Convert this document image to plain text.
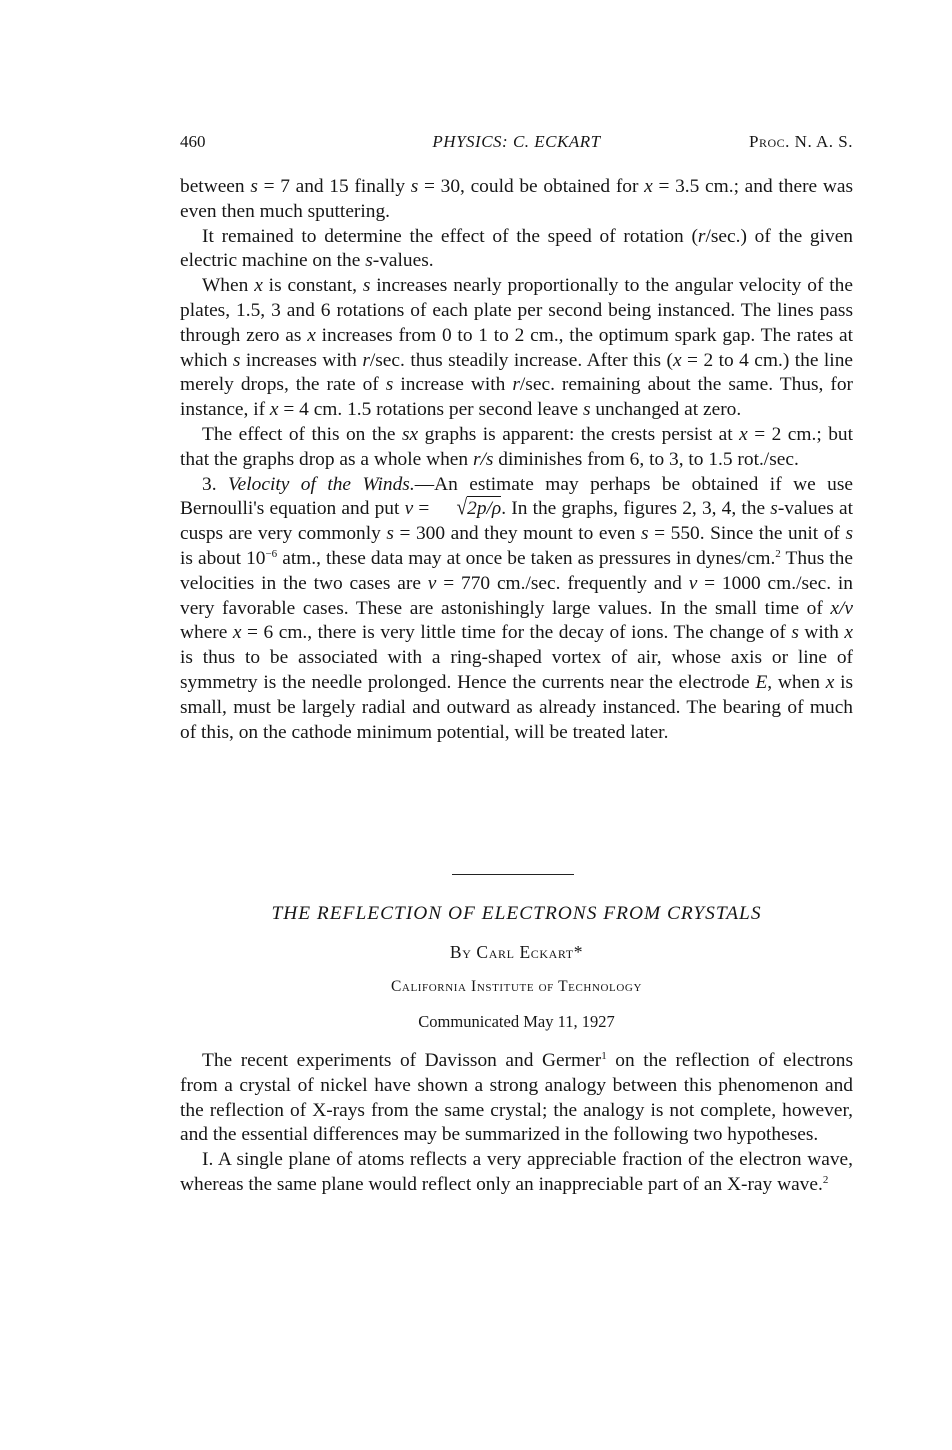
460	PHYSICS: C. ECKART	Proc. N. A. S.

between s = 7 and 15 finally s = 30, could be obtained for x = 3.5 cm.; and there was even then much sputtering.

It remained to determine the effect of the speed of rotation (r/sec.) of the given electric machine on the s-values.

When x is constant, s increases nearly proportionally to the angular velocity of the plates, 1.5, 3 and 6 rotations of each plate per second being instanced. The lines pass through zero as x increases from 0 to 1 to 2 cm., the optimum spark gap. The rates at which s increases with r/sec. thus steadily increase. After this (x = 2 to 4 cm.) the line merely drops, the rate of s increase with r/sec. remaining about the same. Thus, for instance, if x = 4 cm. 1.5 rotations per second leave s unchanged at zero.

The effect of this on the sx graphs is apparent: the crests persist at x = 2 cm.; but that the graphs drop as a whole when r/s diminishes from 6, to 3, to 1.5 rot./sec.

3. Velocity of the Winds.—An estimate may perhaps be obtained if we use Bernoulli's equation and put v = √2p/ρ. In the graphs, figures 2, 3, 4, the s-values at cusps are very commonly s = 300 and they mount to even s = 550. Since the unit of s is about $10^{-6}$ atm., these data may at once be taken as pressures in dynes/cm.$^2$ Thus the velocities in the two cases are v = 770 cm./sec. frequently and v = 1000 cm./sec. in very favorable cases. These are astonishingly large values. In the small time of x/v where x = 6 cm., there is very little time for the decay of ions. The change of s with x is thus to be associated with a ring-shaped vortex of air, whose axis or line of symmetry is the needle prolonged. Hence the currents near the electrode E, when x is small, must be largely radial and outward as already instanced. The bearing of much of this, on the cathode minimum potential, will be treated later.

THE REFLECTION OF ELECTRONS FROM CRYSTALS
By Carl Eckart*
California Institute of Technology
Communicated May 11, 1927

The recent experiments of Davisson and Germer$^1$ on the reflection of electrons from a crystal of nickel have shown a strong analogy between this phenomenon and the reflection of X-rays from the same crystal; the analogy is not complete, however, and the essential differences may be summarized in the following two hypotheses.

I. A single plane of atoms reflects a very appreciable fraction of the electron wave, whereas the same plane would reflect only an inappreciable part of an X-ray wave.$^2$
